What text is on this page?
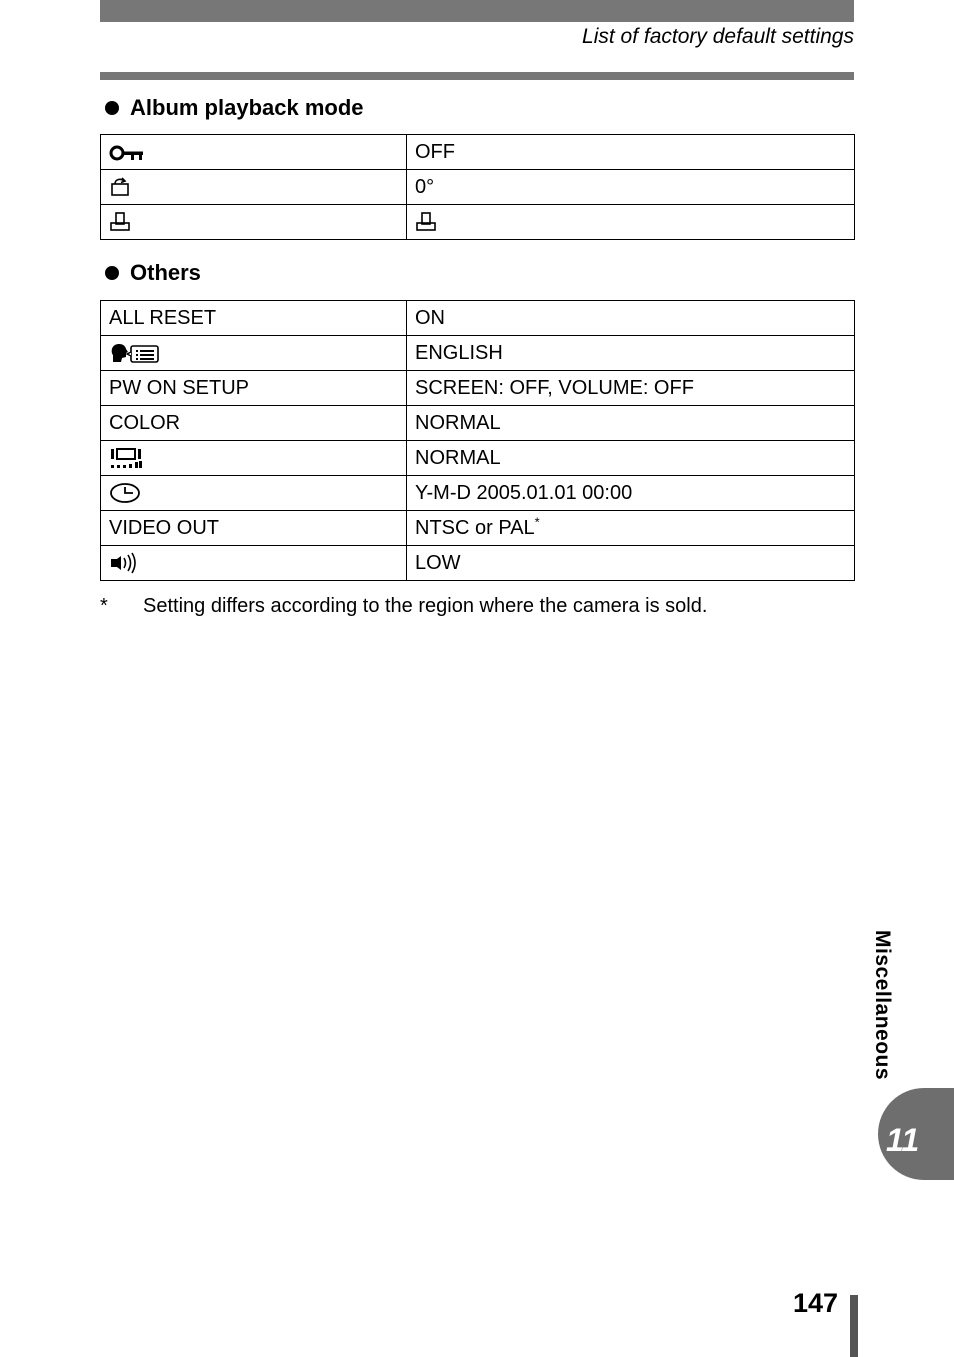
List of factory default settings
Album playback mode
	OFF
	0°

Others
ALL RESET	ON
	ENGLISH
PW ON SETUP	SCREEN: OFF, VOLUME: OFF
COLOR	NORMAL
	NORMAL
	Y-M-D 2005.01.01 00:00
VIDEO OUT	NTSC or PAL*
	LOW
* Setting differs according to the region where the camera is sold.
Miscellaneous
11
147
